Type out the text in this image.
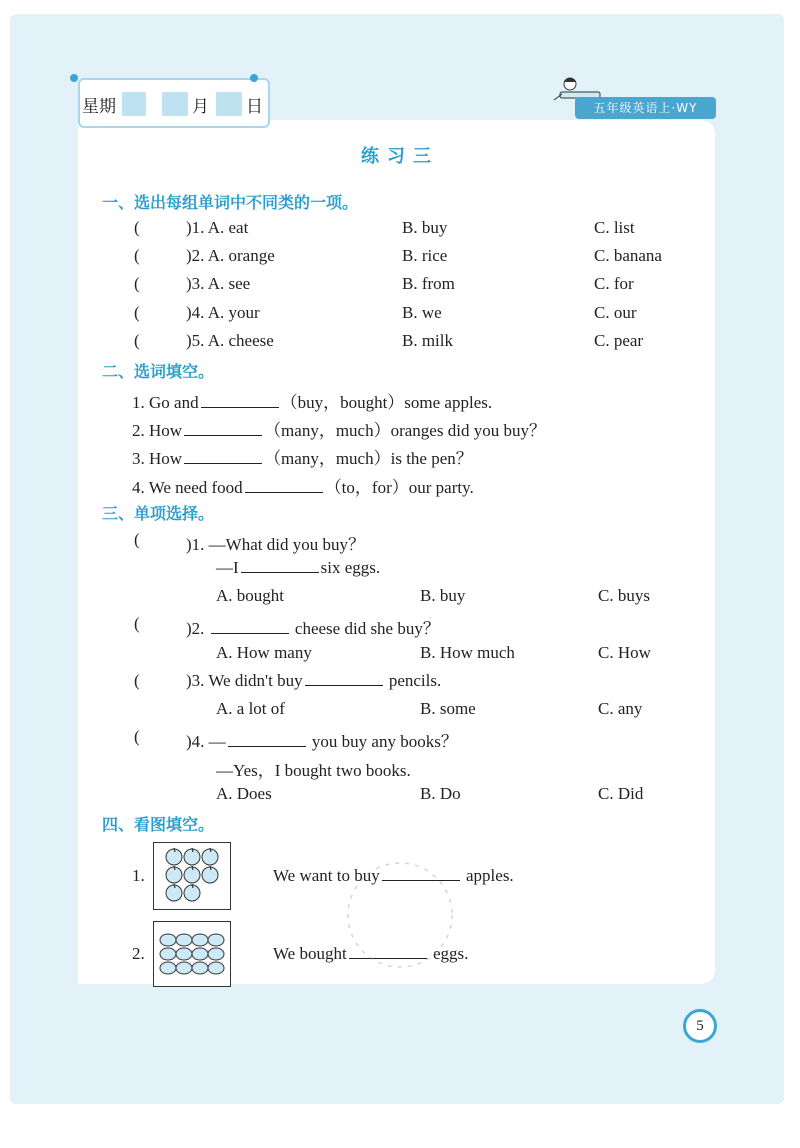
星期	月 日	五年级英语上·WY
练习三
一、选出每组单词中不同类的一项。
(	)1. A. eat	B. buy	C. list
(	)2. A. orange	B. rice	C. banana
(	)3. A. see	B. from	C. for
(	)4. A. your	B. we	C. our
(	)5. A. cheese	B. milk	C. pear
二、选词填空。
1. Go and	（buy，bought）some apples.
2. How	（many，much）oranges did you buy？
3. How	（many，much）is the pen？
4. We need food	（to，for）our party.
三、单项选择。
(	)1. —What did you buy？
—I	six eggs.
A. bought	B. buy	C. buys
(	)2.	cheese did she buy？
A. How many	B. How much	C. How
(	)3. We didn't buy	pencils.
A. a lot of	B. some	C. any
(	)4. —	you buy any books？
—Yes，I bought two books.
A. Does	B. Do	C. Did
四、看图填空。
1.	We want to buy	apples.
2.	We bought	eggs.
5
